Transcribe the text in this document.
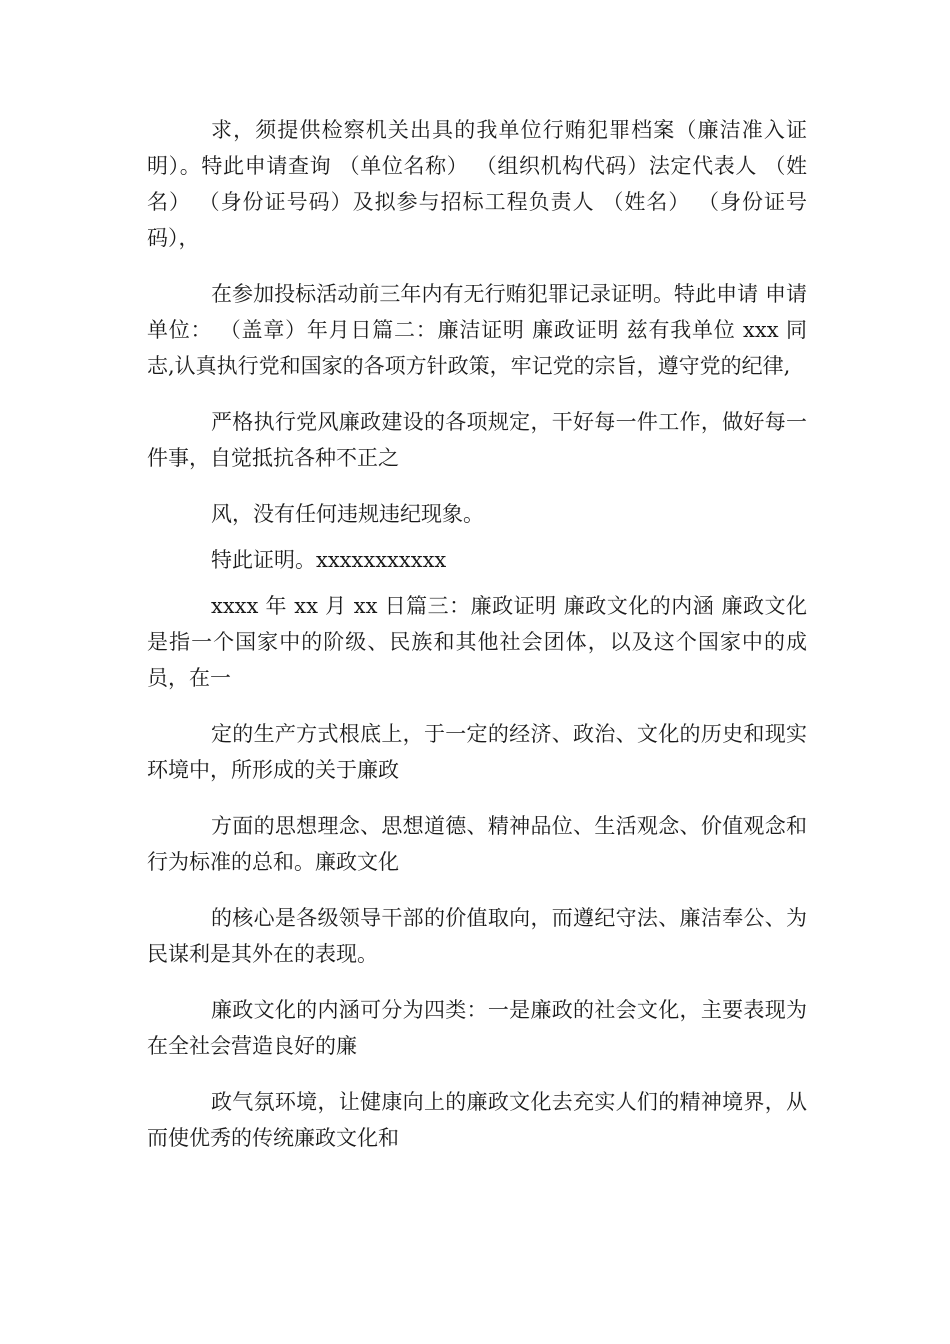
求，须提供检察机关出具的我单位行贿犯罪档案（廉洁准入证明）。特此申请查询 （单位名称） （组织机构代码）法定代表人 （姓名） （身份证号码）及拟参与招标工程负责人 （姓名） （身份证号码），

在参加投标活动前三年内有无行贿犯罪记录证明。特此申请 申请单位： （盖章）年月日篇二：廉洁证明 廉政证明 兹有我单位 xxx 同志,认真执行党和国家的各项方针政策，牢记党的宗旨，遵守党的纪律,

严格执行党风廉政建设的各项规定，干好每一件工作，做好每一件事，自觉抵抗各种不正之

风，没有任何违规违纪现象。

特此证明。xxxxxxxxxxx

xxxx 年 xx 月 xx 日篇三：廉政证明 廉政文化的内涵 廉政文化是指一个国家中的阶级、民族和其他社会团体，以及这个国家中的成员，在一

定的生产方式根底上，于一定的经济、政治、文化的历史和现实环境中，所形成的关于廉政

方面的思想理念、思想道德、精神品位、生活观念、价值观念和行为标准的总和。廉政文化

的核心是各级领导干部的价值取向，而遵纪守法、廉洁奉公、为民谋利是其外在的表现。

廉政文化的内涵可分为四类：一是廉政的社会文化，主要表现为在全社会营造良好的廉

政气氛环境，让健康向上的廉政文化去充实人们的精神境界，从而使优秀的传统廉政文化和
